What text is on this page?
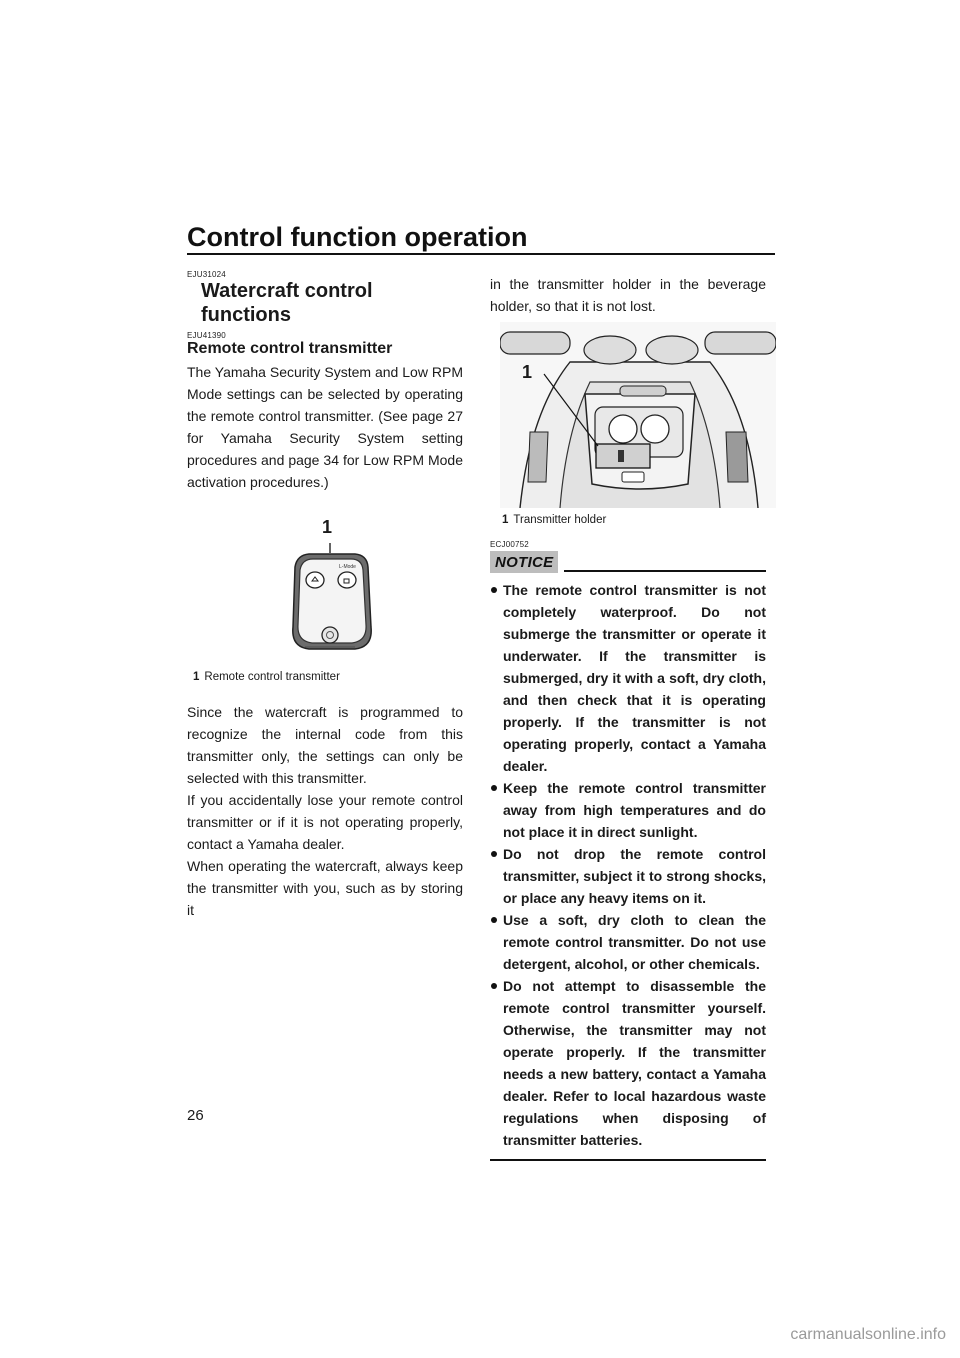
Control function operation
EJU31024
Watercraft control functions
EJU41390
Remote control transmitter

The Yamaha Security System and Low RPM Mode settings can be selected by operating the remote control transmitter. (See page 27 for Yamaha Security System setting procedures and page 34 for Low RPM Mode activation procedures.)

1
L-Mode
1 Remote control transmitter

Since the watercraft is programmed to recognize the internal code from this transmitter only, the settings can only be selected with this transmitter.

If you accidentally lose your remote control transmitter or if it is not operating properly, contact a Yamaha dealer.

When operating the watercraft, always keep the transmitter with you, such as by storing it

in the transmitter holder in the beverage holder, so that it is not lost.

1
1 Transmitter holder
ECJ00752
NOTICE
The remote control transmitter is not completely waterproof. Do not submerge the transmitter or operate it underwater. If the transmitter is submerged, dry it with a soft, dry cloth, and then check that it is operating properly. If the transmitter is not operating properly, contact a Yamaha dealer.
Keep the remote control transmitter away from high temperatures and do not place it in direct sunlight.
Do not drop the remote control transmitter, subject it to strong shocks, or place any heavy items on it.
Use a soft, dry cloth to clean the remote control transmitter. Do not use detergent, alcohol, or other chemicals.
Do not attempt to disassemble the remote control transmitter yourself. Otherwise, the transmitter may not operate properly. If the transmitter needs a new battery, contact a Yamaha dealer. Refer to local hazardous waste regulations when disposing of transmitter batteries.
26
carmanualsonline.info
